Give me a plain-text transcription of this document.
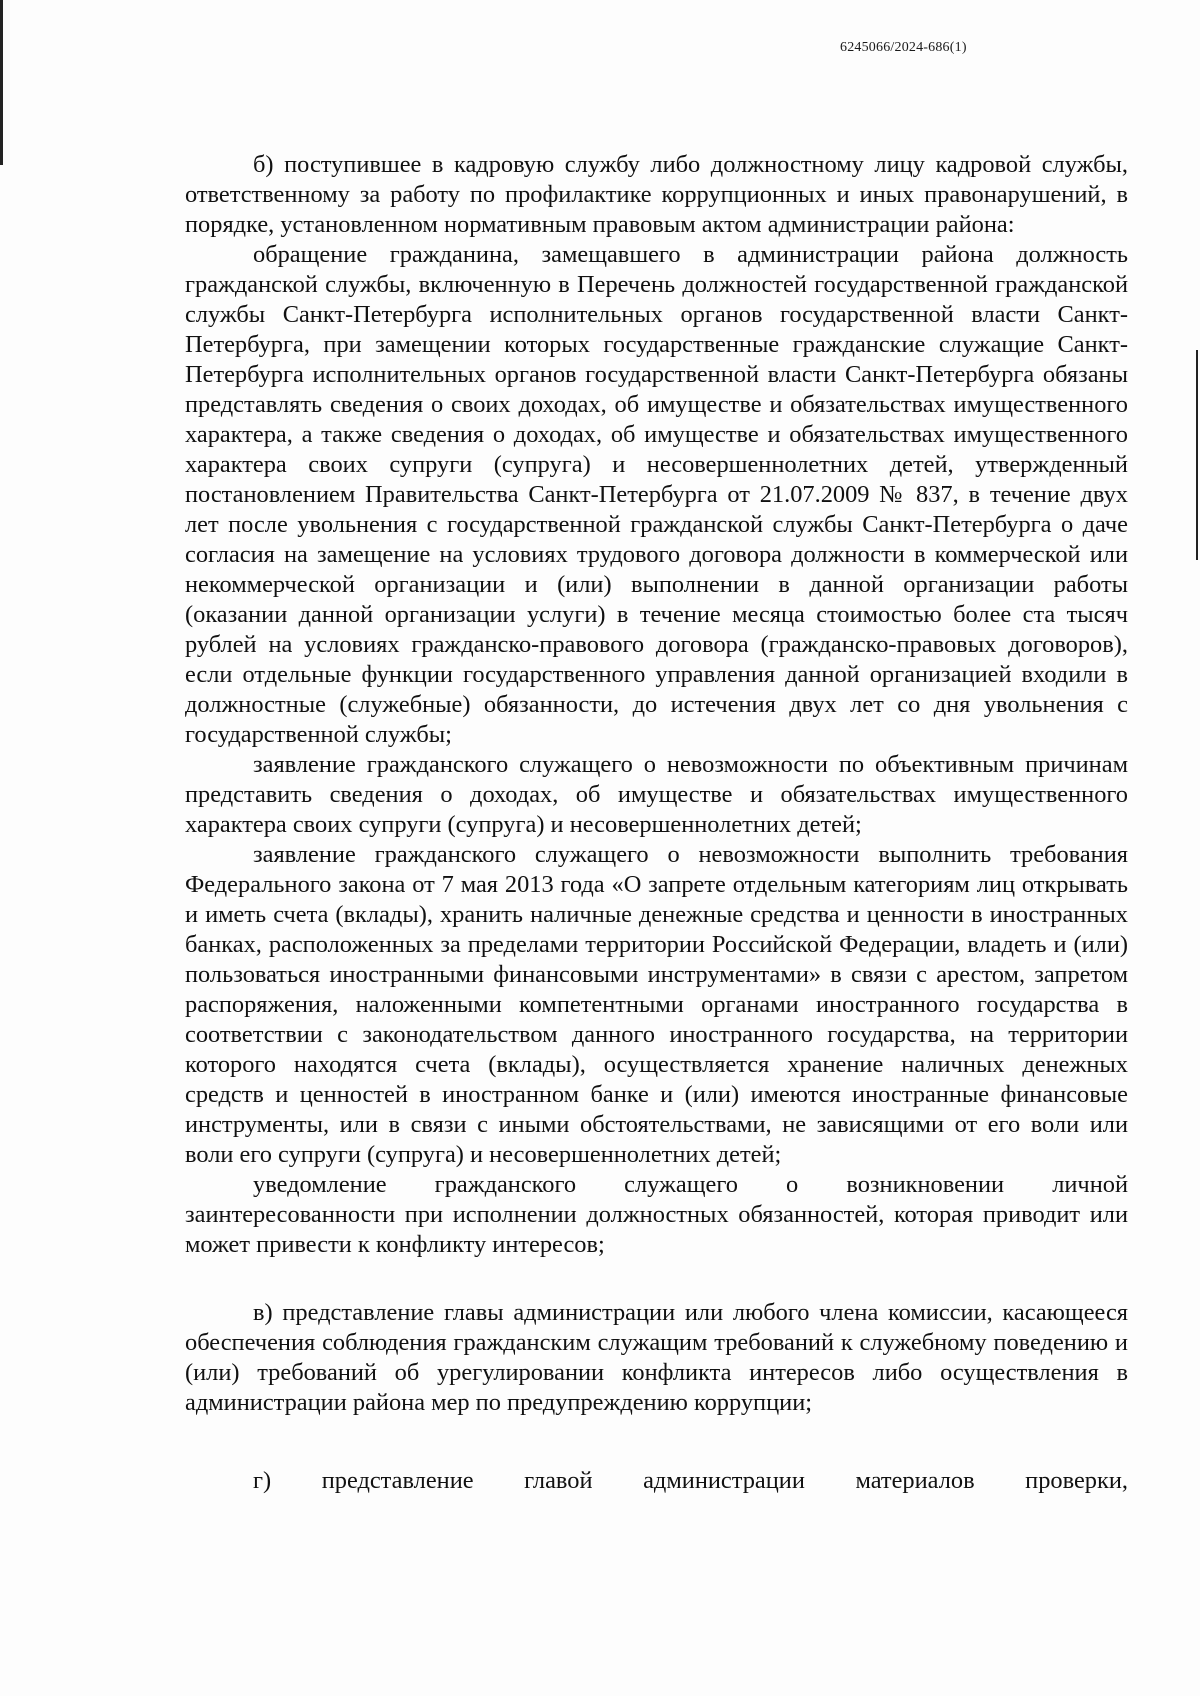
6245066/2024-686(1)

б) поступившее в кадровую службу либо должностному лицу кадровой службы, ответственному за работу по профилактике коррупционных и иных правонарушений, в порядке, установленном нормативным правовым актом администрации района:

обращение гражданина, замещавшего в администрации района должность гражданской службы, включенную в Перечень должностей государственной гражданской службы Санкт-Петербурга исполнительных органов государственной власти Санкт-Петербурга, при замещении которых государственные гражданские служащие Санкт-Петербурга исполнительных органов государственной власти Санкт-Петербурга обязаны представлять сведения о своих доходах, об имуществе и обязательствах имущественного характера, а также сведения о доходах, об имуществе и обязательствах имущественного характера своих супруги (супруга) и несовершеннолетних детей, утвержденный постановлением Правительства Санкт-Петербурга от 21.07.2009 № 837, в течение двух лет после увольнения с государственной гражданской службы Санкт-Петербурга о даче согласия на замещение на условиях трудового договора должности в коммерческой или некоммерческой организации и (или) выполнении в данной организации работы (оказании данной организации услуги) в течение месяца стоимостью более ста тысяч рублей на условиях гражданско-правового договора (гражданско-правовых договоров), если отдельные функции государственного управления данной организацией входили в должностные (служебные) обязанности, до истечения двух лет со дня увольнения с государственной службы;

заявление гражданского служащего о невозможности по объективным причинам представить сведения о доходах, об имуществе и обязательствах имущественного характера своих супруги (супруга) и несовершеннолетних детей;

заявление гражданского служащего о невозможности выполнить требования Федерального закона от 7 мая 2013 года «О запрете отдельным категориям лиц открывать и иметь счета (вклады), хранить наличные денежные средства и ценности в иностранных банках, расположенных за пределами территории Российской Федерации, владеть и (или) пользоваться иностранными финансовыми инструментами» в связи с арестом, запретом распоряжения, наложенными компетентными органами иностранного государства в соответствии с законодательством данного иностранного государства, на территории которого находятся счета (вклады), осуществляется хранение наличных денежных средств и ценностей в иностранном банке и (или) имеются иностранные финансовые инструменты, или в связи с иными обстоятельствами, не зависящими от его воли или воли его супруги (супруга) и несовершеннолетних детей;

уведомление гражданского служащего о возникновении личной заинтересованности при исполнении должностных обязанностей, которая приводит или может привести к конфликту интересов;

в) представление главы администрации или любого члена комиссии, касающееся обеспечения соблюдения гражданским служащим требований к служебному поведению и (или) требований об урегулировании конфликта интересов либо осуществления в администрации района мер по предупреждению коррупции;

г) представление главой администрации материалов проверки,
